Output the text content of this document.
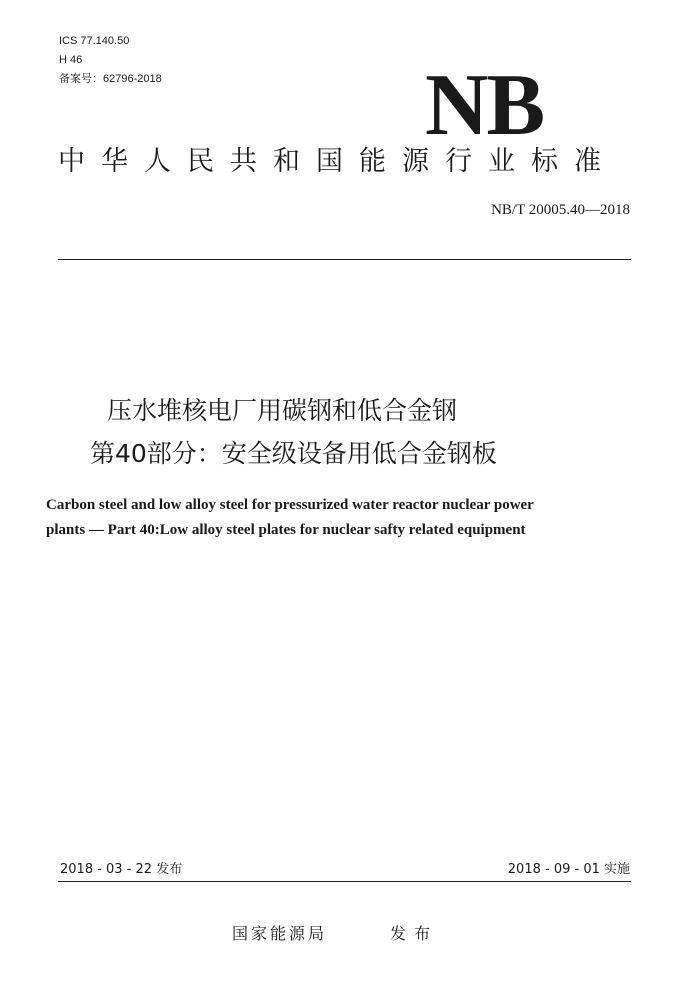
ICS 77.140.50
H 46
备案号：62796-2018	NB
中华人民共和国能源行业标准
NB/T 20005.40—2018
压水堆核电厂用碳钢和低合金钢
第40部分：安全级设备用低合金钢板
Carbon steel and low alloy steel for pressurized water reactor nuclear power
plants — Part 40:Low alloy steel plates for nuclear safty related equipment
2018 - 03 - 22 发布	2018 - 09 - 01 实施
国家能源局	发布
